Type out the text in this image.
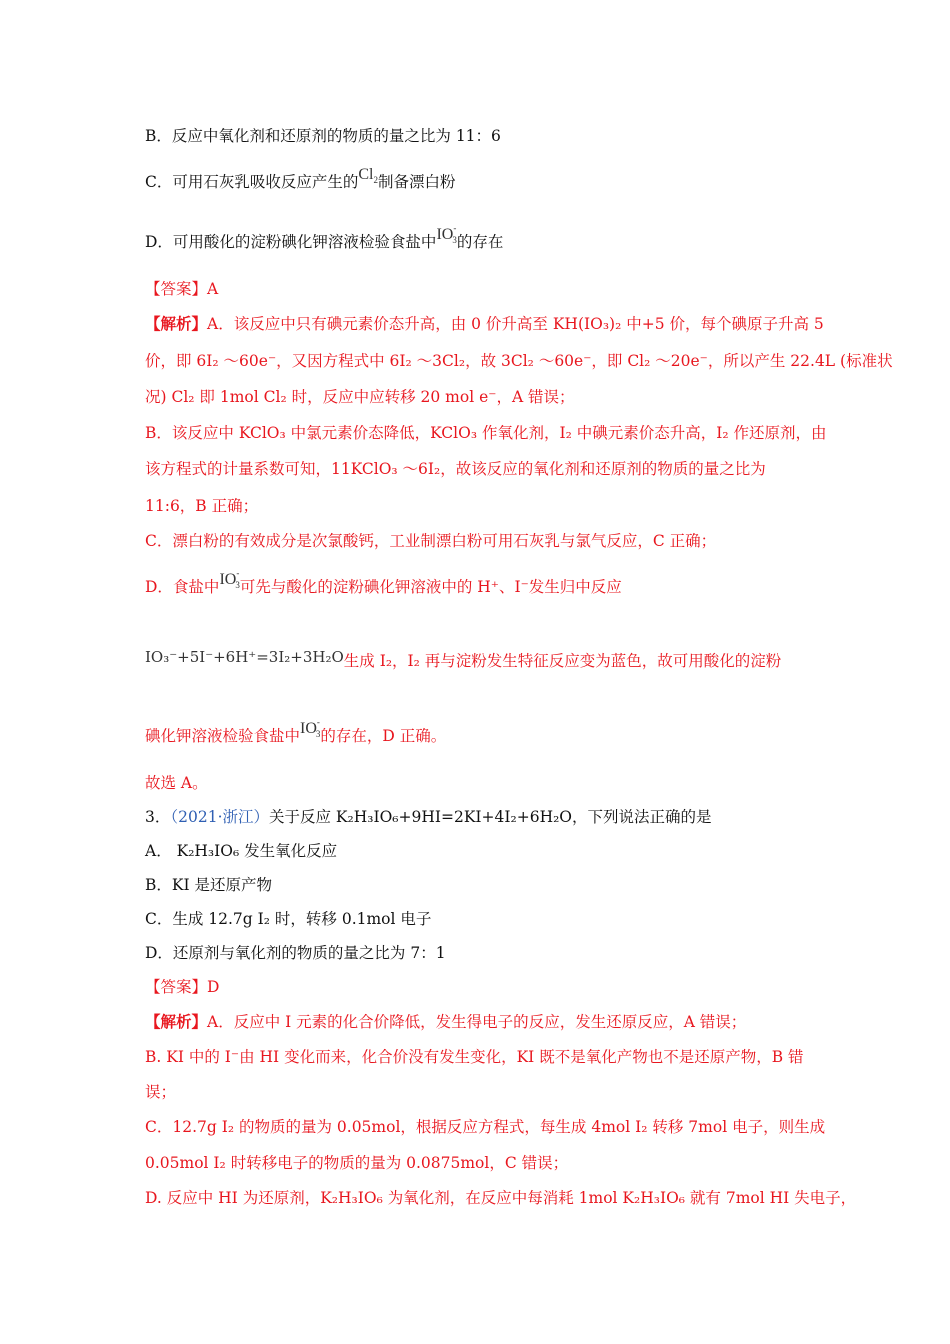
B．反应中氧化剂和还原剂的物质的量之比为 11：6
C．可用石灰乳吸收反应产生的$Cl_2$制备漂白粉
D．可用酸化的淀粉碘化钾溶液检验食盐中$IO^-_3$的存在
【答案】A
【解析】A．该反应中只有碘元素价态升高，由 0 价升高至 KH(IO₃)₂ 中+5 价，每个碘原子升高 5
价，即 6I₂ ～60e⁻，又因方程式中 6I₂ ～3Cl₂，故 3Cl₂ ～60e⁻，即 Cl₂ ～20e⁻，所以产生 22.4L (标准状
况) Cl₂ 即 1mol Cl₂ 时，反应中应转移 20 mol e⁻，A 错误；
B．该反应中 KClO₃ 中氯元素价态降低，KClO₃ 作氧化剂，I₂ 中碘元素价态升高，I₂ 作还原剂，由
该方程式的计量系数可知，11KClO₃ ～6I₂，故该反应的氧化剂和还原剂的物质的量之比为
11:6，B 正确；
C．漂白粉的有效成分是次氯酸钙，工业制漂白粉可用石灰乳与氯气反应，C 正确；
D．食盐中$IO^-_3$可先与酸化的淀粉碘化钾溶液中的 H⁺、I⁻发生归中反应
IO₃⁻+5I⁻+6H⁺=3I₂+3H₂O生成 I₂，I₂ 再与淀粉发生特征反应变为蓝色，故可用酸化的淀粉
碘化钾溶液检验食盐中$IO^-_3$的存在，D 正确。
故选 A。
3．（2021·浙江）关于反应 K₂H₃IO₆+9HI=2KI+4I₂+6H₂O，下列说法正确的是
A． K₂H₃IO₆ 发生氧化反应
B．KI 是还原产物
C．生成 12.7g I₂ 时，转移 0.1mol 电子
D．还原剂与氧化剂的物质的量之比为 7：1
【答案】D
【解析】A．反应中 I 元素的化合价降低，发生得电子的反应，发生还原反应，A 错误；
B. KI 中的 I⁻由 HI 变化而来，化合价没有发生变化，KI 既不是氧化产物也不是还原产物，B 错
误；
C．12.7g I₂ 的物质的量为 0.05mol，根据反应方程式，每生成 4mol I₂ 转移 7mol 电子，则生成
0.05mol I₂ 时转移电子的物质的量为 0.0875mol，C 错误；
D. 反应中 HI 为还原剂，K₂H₃IO₆ 为氧化剂，在反应中每消耗 1mol K₂H₃IO₆ 就有 7mol HI 失电子，
